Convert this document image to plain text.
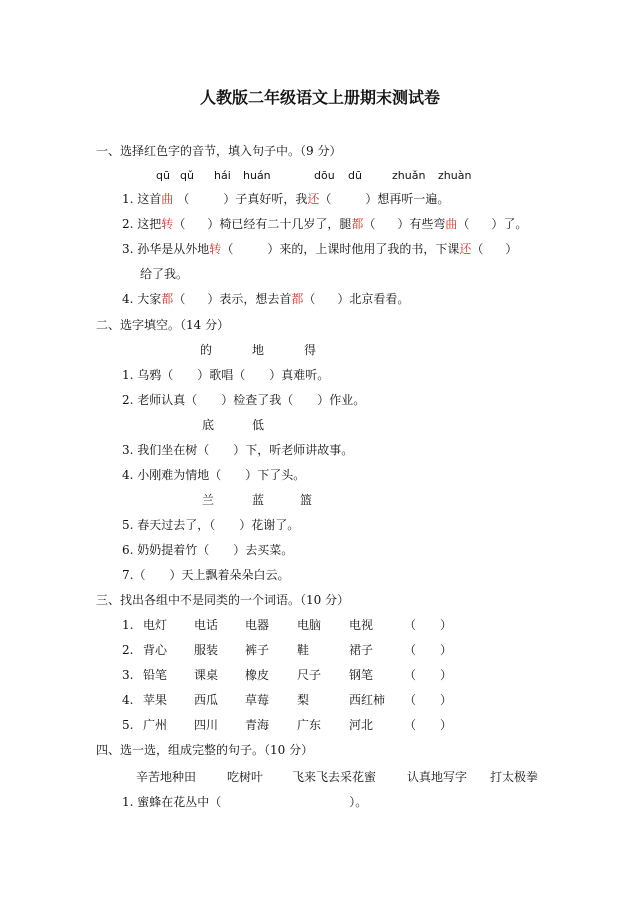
人教版二年级语文上册期末测试卷
一、选择红色字的音节，填入句子中。（9 分）
qū qǔ hái huán	dōu dū	zhuǎn zhuàn
1. 这首曲 （	）子真好听，我还（	）想再听一遍。
2. 这把转（ ）椅已经有二十几岁了，腿都（ ）有些弯曲（ ）了。
3. 孙华是从外地转（	）来的，上课时他用了我的书，下课还（ ）
给了我。
4. 大家都（ ）表示，想去首都（ ）北京看看。
二、选字填空。（14 分）
的	地	得
1. 乌鸦（　　）歌唱（　　）真难听。
2. 老师认真（　　）检查了我（　　）作业。
底	低
3. 我们坐在树（　　）下，听老师讲故事。
4. 小刚难为情地（　　）下了头。
兰	蓝	篮
5. 春天过去了，（　　）花谢了。
6. 奶奶提着竹（　　）去买菜。
7.（　　）天上飘着朵朵白云。
三、找出各组中不是同类的一个词语。（10 分）
1. 电灯 电话 电器 电脑 电视	（ ）
2. 背心 服装 裤子 鞋	裙子	（ ）
3. 铅笔 课桌 橡皮 尺子 钢笔	（ ）
4. 苹果 西瓜 草莓 梨	西红柿 （ ）
5. 广州 四川 青海 广东 河北	（ ）
四、选一选，组成完整的句子。（10 分）
辛苦地种田	吃树叶 飞来飞去采花蜜	认真地写字 打太极拳
1. 蜜蜂在花丛中（	）。
